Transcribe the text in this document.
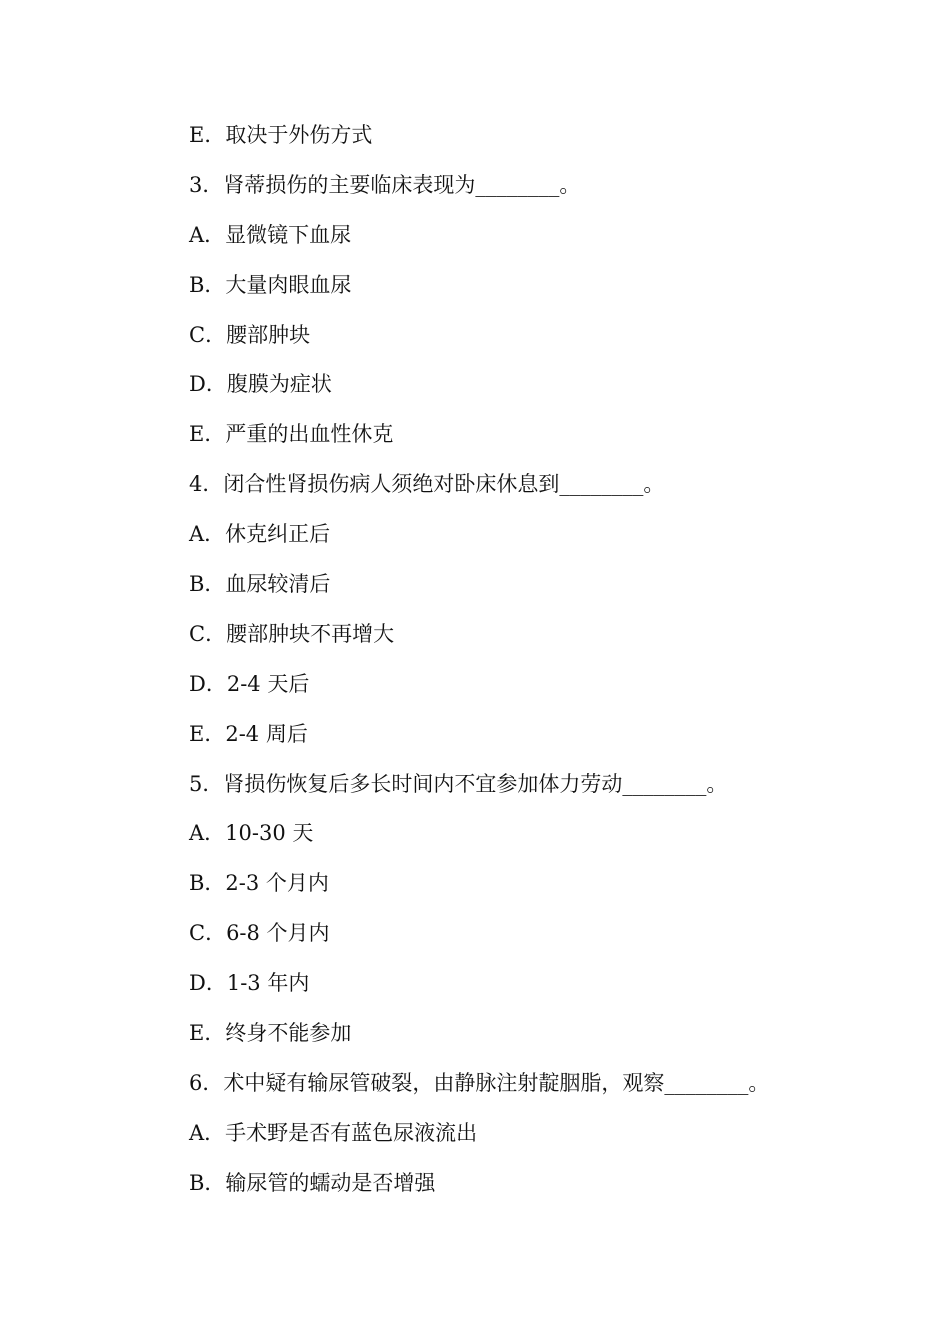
E．取决于外伤方式
3．肾蒂损伤的主要临床表现为________。
A．显微镜下血尿
B．大量肉眼血尿
C．腰部肿块
D．腹膜为症状
E．严重的出血性休克
4．闭合性肾损伤病人须绝对卧床休息到________。
A．休克纠正后
B．血尿较清后
C．腰部肿块不再增大
D．2-4 天后
E．2-4 周后
5．肾损伤恢复后多长时间内不宜参加体力劳动________。
A．10-30 天
B．2-3 个月内
C．6-8 个月内
D．1-3 年内
E．终身不能参加
6．术中疑有输尿管破裂，由静脉注射靛胭脂，观察________。
A．手术野是否有蓝色尿液流出
B．输尿管的蠕动是否增强
